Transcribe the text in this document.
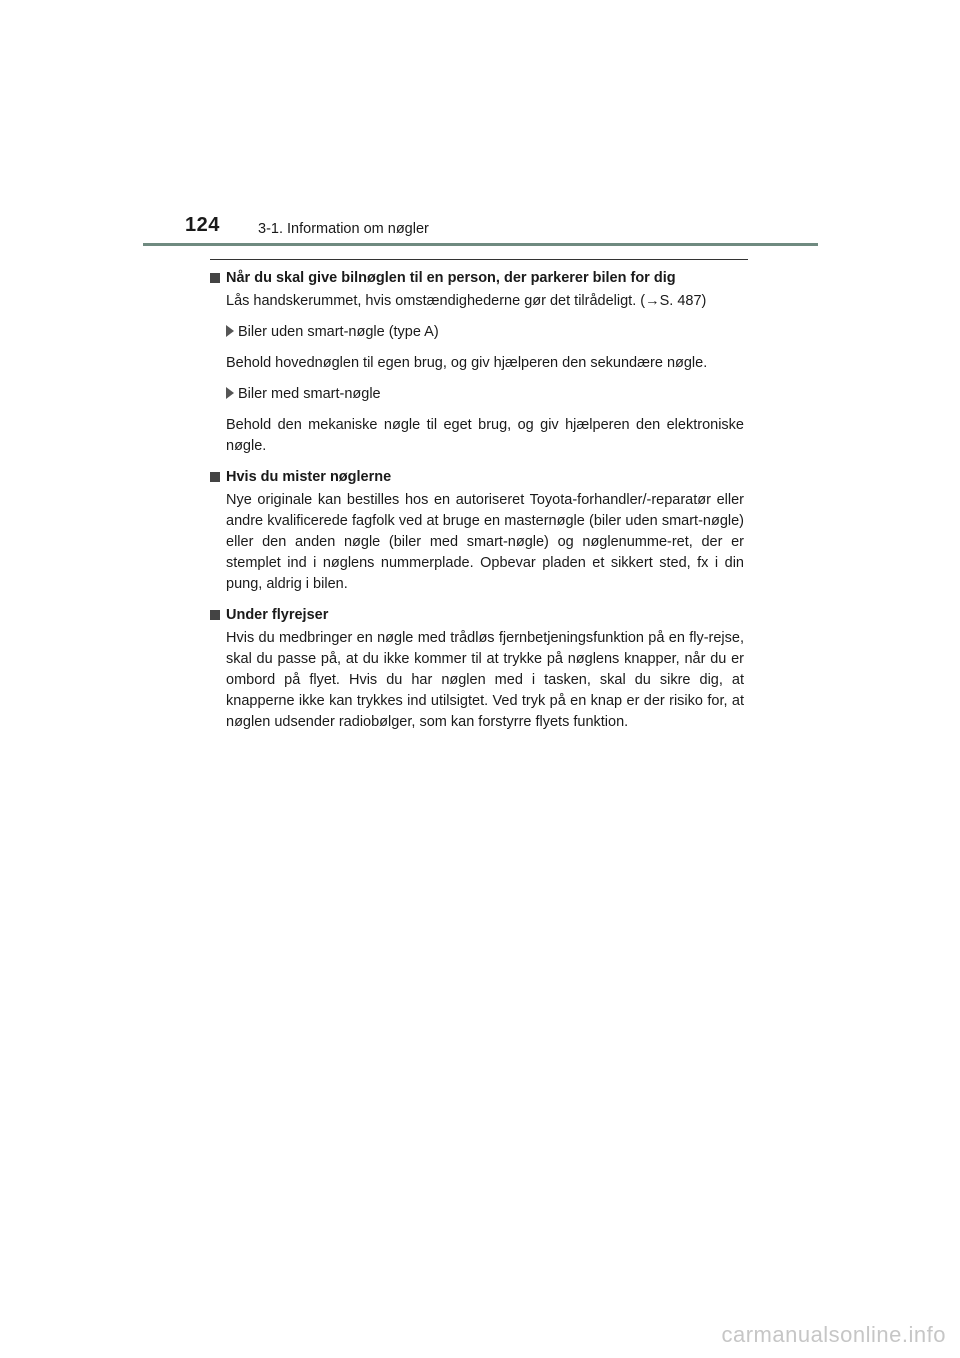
124	3-1. Information om nøgler
Når du skal give bilnøglen til en person, der parkerer bilen for dig
Lås handskerummet, hvis omstændighederne gør det tilrådeligt. (→S. 487)
Biler uden smart-nøgle (type A)
Behold hovednøglen til egen brug, og giv hjælperen den sekundære nøgle.
Biler med smart-nøgle
Behold den mekaniske nøgle til eget brug, og giv hjælperen den elektroniske nøgle.
Hvis du mister nøglerne
Nye originale kan bestilles hos en autoriseret Toyota-forhandler/-reparatør eller andre kvalificerede fagfolk ved at bruge en masternøgle (biler uden smart-nøgle) eller den anden nøgle (biler med smart-nøgle) og nøglenumme-ret, der er stemplet ind i nøglens nummerplade. Opbevar pladen et sikkert sted, fx i din pung, aldrig i bilen.
Under flyrejser
Hvis du medbringer en nøgle med trådløs fjernbetjeningsfunktion på en fly-rejse, skal du passe på, at du ikke kommer til at trykke på nøglens knapper, når du er ombord på flyet. Hvis du har nøglen med i tasken, skal du sikre dig, at knapperne ikke kan trykkes ind utilsigtet. Ved tryk på en knap er der risiko for, at nøglen udsender radiobølger, som kan forstyrre flyets funktion.
carmanualsonline.info
